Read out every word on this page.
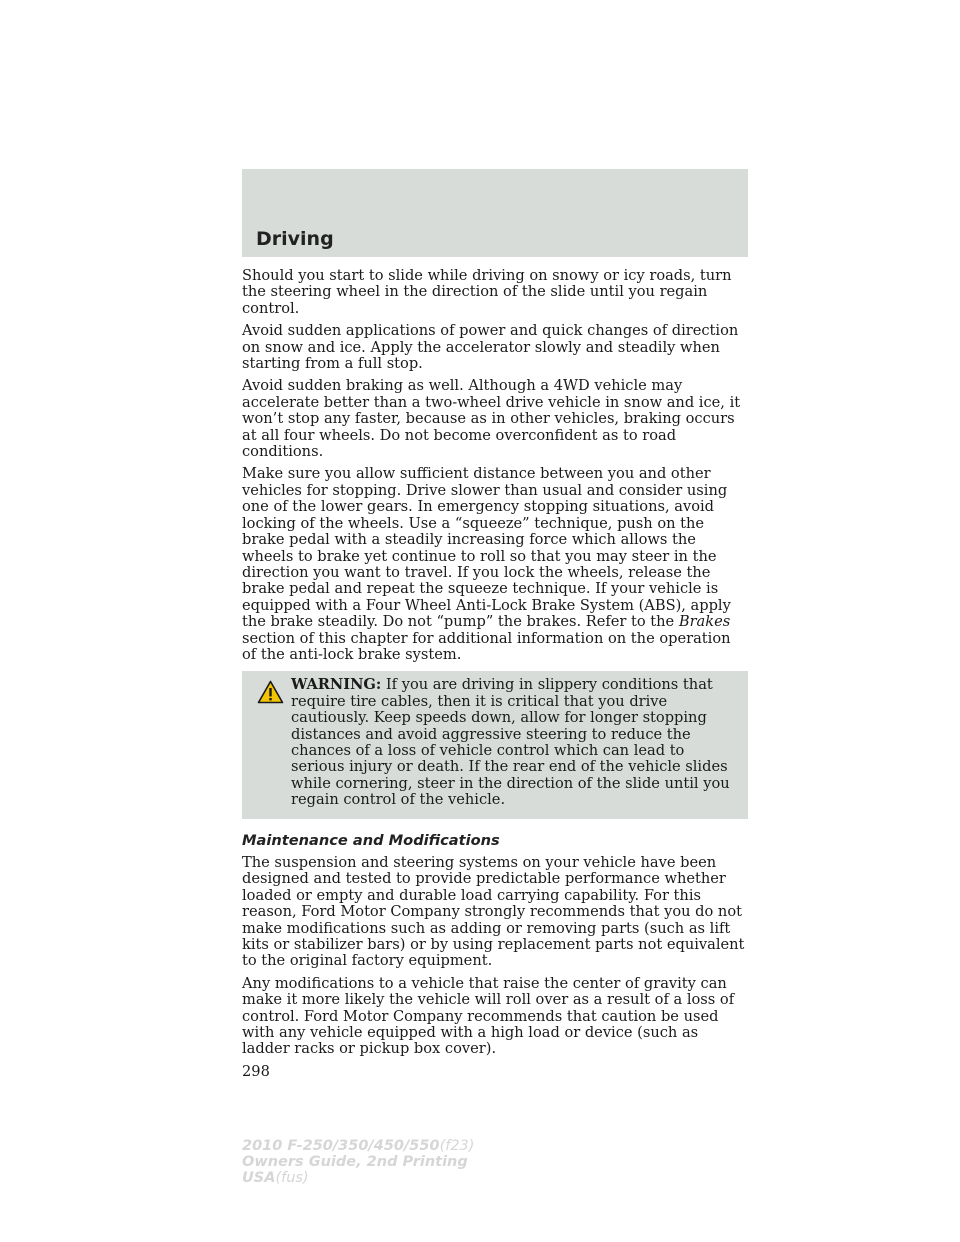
Driving

Should you start to slide while driving on snowy or icy roads, turn the steering wheel in the direction of the slide until you regain control.

Avoid sudden applications of power and quick changes of direction on snow and ice. Apply the accelerator slowly and steadily when starting from a full stop.

Avoid sudden braking as well. Although a 4WD vehicle may accelerate better than a two-wheel drive vehicle in snow and ice, it won’t stop any faster, because as in other vehicles, braking occurs at all four wheels. Do not become overconfident as to road conditions.

Make sure you allow sufficient distance between you and other vehicles for stopping. Drive slower than usual and consider using one of the lower gears. In emergency stopping situations, avoid locking of the wheels. Use a “squeeze” technique, push on the brake pedal with a steadily increasing force which allows the wheels to brake yet continue to roll so that you may steer in the direction you want to travel. If you lock the wheels, release the brake pedal and repeat the squeeze technique. If your vehicle is equipped with a Four Wheel Anti-Lock Brake System (ABS), apply the brake steadily. Do not “pump” the brakes. Refer to the Brakes section of this chapter for additional information on the operation of the anti-lock brake system.

WARNING: If you are driving in slippery conditions that require tire cables, then it is critical that you drive cautiously. Keep speeds down, allow for longer stopping distances and avoid aggressive steering to reduce the chances of a loss of vehicle control which can lead to serious injury or death. If the rear end of the vehicle slides while cornering, steer in the direction of the slide until you regain control of the vehicle.
Maintenance and Modifications

The suspension and steering systems on your vehicle have been designed and tested to provide predictable performance whether loaded or empty and durable load carrying capability. For this reason, Ford Motor Company strongly recommends that you do not make modifications such as adding or removing parts (such as lift kits or stabilizer bars) or by using replacement parts not equivalent to the original factory equipment.

Any modifications to a vehicle that raise the center of gravity can make it more likely the vehicle will roll over as a result of a loss of control. Ford Motor Company recommends that caution be used with any vehicle equipped with a high load or device (such as ladder racks or pickup box cover).

298
2010 F-250/350/450/550(f23)
Owners Guide, 2nd Printing
USA(fus)
